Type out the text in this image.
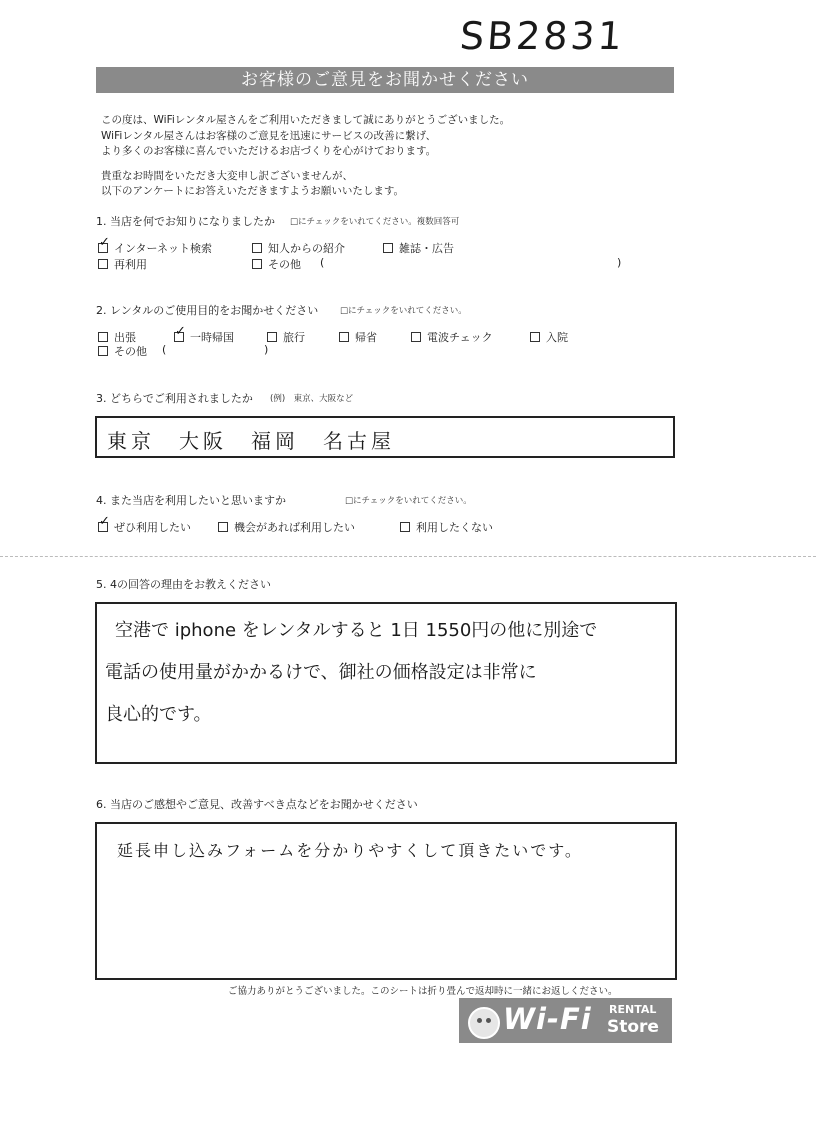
SB2831
お客様のご意見をお聞かせください
この度は、WiFiレンタル屋さんをご利用いただきまして誠にありがとうございました。
WiFiレンタル屋さんはお客様のご意見を迅速にサービスの改善に繋げ、
より多くのお客様に喜んでいただけるお店づくりを心がけております。
貴重なお時間をいただき大変申し訳ございませんが、
以下のアンケートにお答えいただきますようお願いいたします。
1. 当店を何でお知りになりましたか □にチェックをいれてください。複数回答可
✓インターネット検索	知人からの紹介	雑誌・広告
再利用	その他 (	)
2. レンタルのご使用目的をお聞かせください	□にチェックをいれてください。
出張
✓	一時帰国	旅行	帰省	電波チェック	入院
その他 (	)
3. どちらでご利用されましたか (例)　東京、大阪など
東京　大阪　福岡　名古屋
4. また当店を利用したいと思いますか	□にチェックをいれてください。
✓ぜひ利用したい	機会があれば利用したい	利用したくない
5. 4の回答の理由をお教えください
空港で iphone をレンタルすると 1日 1550円の他に別途で
電話の使用量がかかるけで、御社の価格設定は非常に
良心的です。
6. 当店のご感想やご意見、改善すべき点などをお聞かせください
延長申し込みフォームを分かりやすくして頂きたいです。
ご協力ありがとうございました。このシートは折り畳んで返却時に一緒にお返しください。
Wi-Fi RENTAL
Store
